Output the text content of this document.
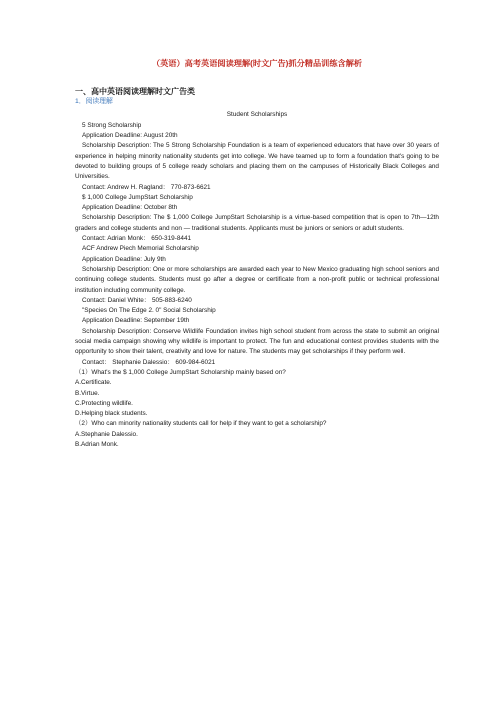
（英语）高考英语阅读理解(时文广告)抓分精品训练含解析

一、高中英语阅读理解时文广告类

1．阅读理解

Student Scholarships

5 Strong Scholarship

Application Deadline: August 20th

Scholarship Description: The 5 Strong Scholarship Foundation is a team of experienced educators that have over 30 years of experience in helping minority nationality students get into college. We have teamed up to form a foundation that's going to be devoted to building groups of 5 college ready scholars and placing them on the campuses of Historically Black Colleges and Universities.

Contact: Andrew H. Ragland： 770-873-6621

$ 1,000 College JumpStart Scholarship

Application Deadline: October 8th

Scholarship Description: The $ 1,000 College JumpStart Scholarship is a virtue-based competition that is open to 7th—12th graders and college students and non — traditional students. Applicants must be juniors or seniors or adult students.

Contact: Adrian Monk： 650-319-8441

ACF Andrew Piech Memorial Scholarship

Application Deadline: July 9th

Scholarship Description: One or more scholarships are awarded each year to New Mexico graduating high school seniors and continuing college students. Students must go after a degree or certificate from a non-profit public or technical professional institution including community college.

Contact: Daniel White： 505-883-6240

"Species On The Edge 2. 0" Social Scholarship

Application Deadline: September 19th

Scholarship Description: Conserve Wildlife Foundation invites high school student from across the state to submit an original social media campaign showing why wildlife is important to protect. The fun and educational contest provides students with the opportunity to show their talent, creativity and love for nature. The students may get scholarships if they perform well.

Contact： Stephanie Dalessio： 609-984-6021

（1）What's the $ 1,000 College JumpStart Scholarship mainly based on?

A.Certificate.

B.Virtue.

C.Protecting wildlife.

D.Helping black students.

（2）Who can minority nationality students call for help if they want to get a scholarship?

A.Stephanie Dalessio.

B.Adrian Monk.
